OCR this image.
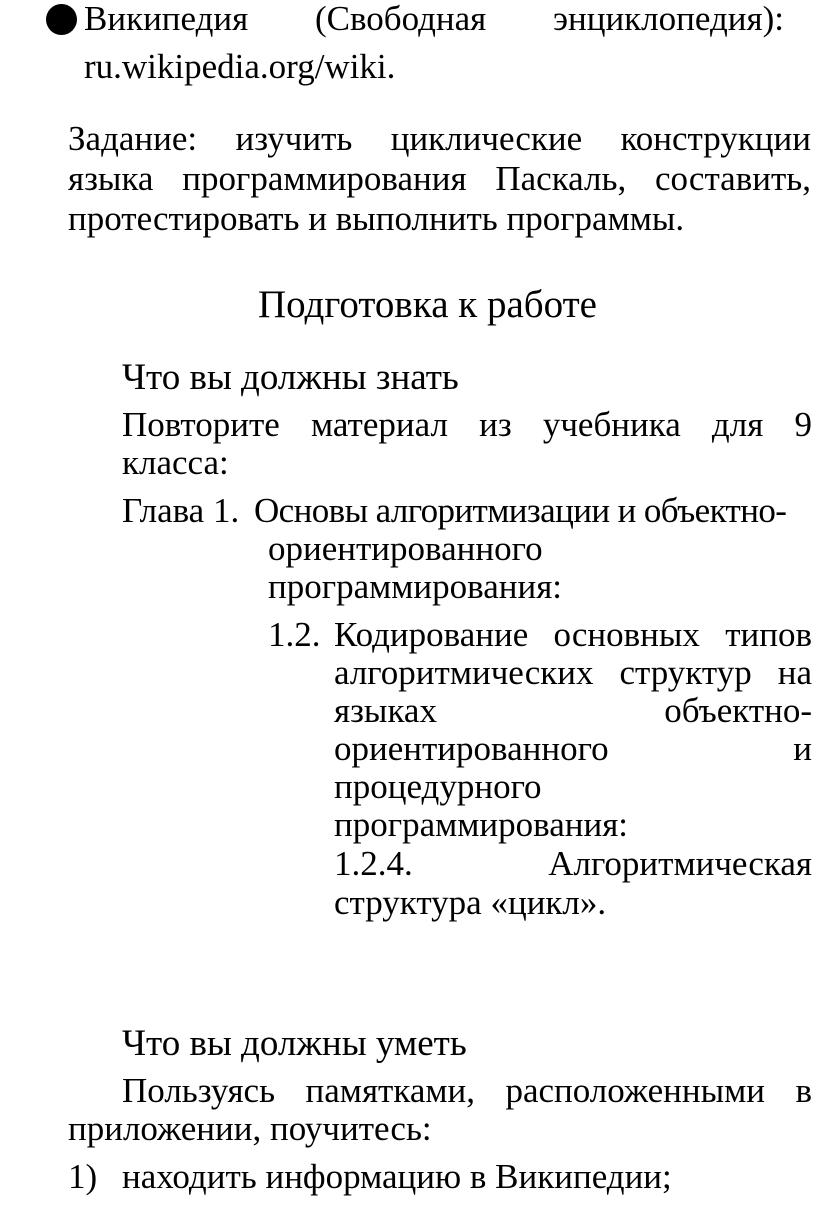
Википедия (Свободная энциклопедия):
ru.wikipedia.org/wiki.
Задание: изучить циклические конструкции
языка программирования Паскаль, составить,
протестировать и выполнить программы.
Подготовка к работе
Что вы должны знать
Повторите материал из учебника для 9
класса:
Глава 1. Основы алгоритмизации и объектно-
ориентированного
программирования:
1.2. Кодирование основных типов
алгоритмических структур на
языках	объектно-
ориентированного	и
процедурного
программирования:
1.2.4.	Алгоритмическая
структура «цикл».
Что вы должны уметь
Пользуясь памятками, расположенными в
приложении, поучитесь:
1) находить информацию в Википедии;
